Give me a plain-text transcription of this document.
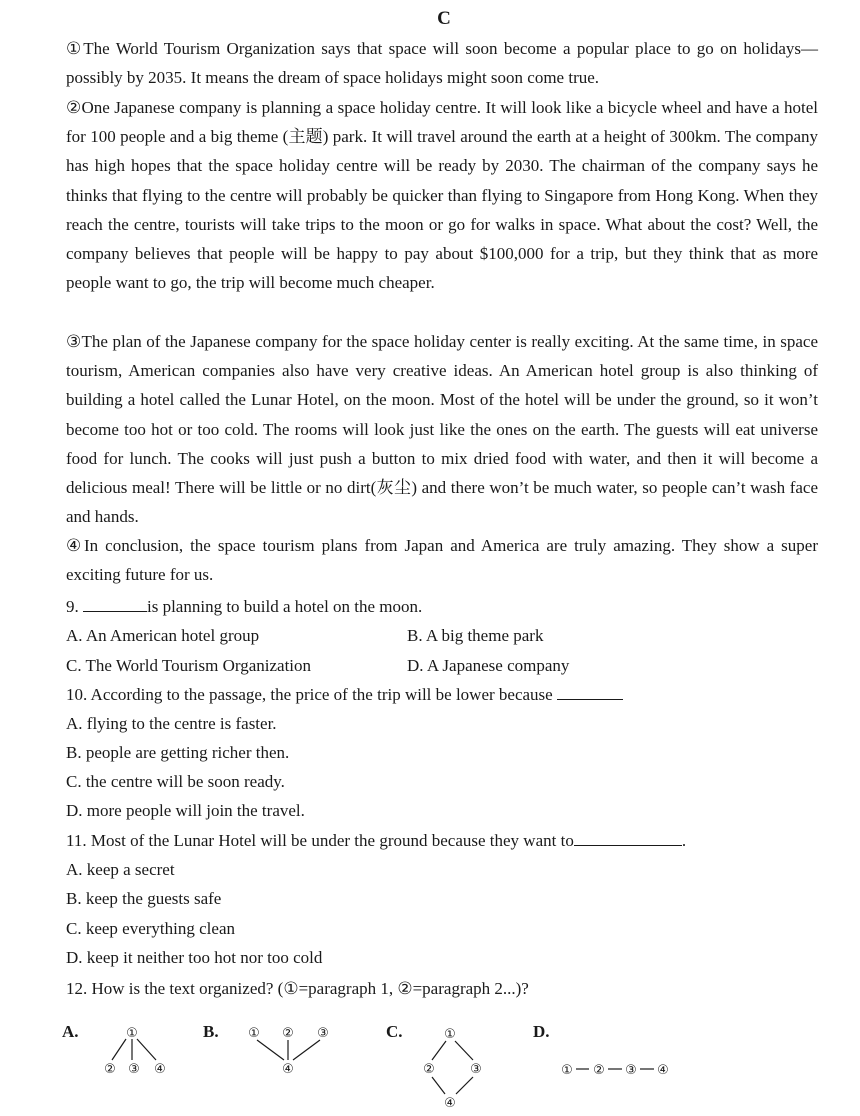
C

①The World Tourism Organization says that space will soon become a popular place to go on holidays—possibly by 2035. It means the dream of space holidays might soon come true.

②One Japanese company is planning a space holiday centre. It will look like a bicycle wheel and have a hotel for 100 people and a big theme (主题) park. It will travel around the earth at a height of 300km. The company has high hopes that the space holiday centre will be ready by 2030. The chairman of the company says he thinks that flying to the centre will probably be quicker than flying to Singapore from Hong Kong. When they reach the centre, tourists will take trips to the moon or go for walks in space. What about the cost? Well, the company believes that people will be happy to pay about $100,000 for a trip, but they think that as more people want to go, the trip will become much cheaper.

③The plan of the Japanese company for the space holiday center is really exciting. At the same time, in space tourism, American companies also have very creative ideas. An American hotel group is also thinking of building a hotel called the Lunar Hotel, on the moon. Most of the hotel will be under the ground, so it won’t become too hot or too cold. The rooms will look just like the ones on the earth. The guests will eat universe food for lunch. The cooks will just push a button to mix dried food with water, and then it will become a delicious meal! There will be little or no dirt(灰尘) and there won’t be much water, so people can’t wash face and hands.

④In conclusion, the space tourism plans from Japan and America are truly amazing. They show a super exciting future for us.

9.	is planning to build a hotel on the moon.
A. An American hotel group	B. A big theme park
C. The World Tourism Organization	D. A Japanese company
10. According to the passage, the price of the trip will be lower because
A. flying to the centre is faster.
B. people are getting richer then.
C. the centre will be soon ready.
D. more people will join the travel.
11. Most of the Lunar Hotel will be under the ground because they want to	.
A. keep a secret
B. keep the guests safe
C. keep everything clean
D. keep it neither too hot nor too cold
12. How is the text organized? (①=paragraph 1, ②=paragraph 2...)?
A.	B.	C.	D.
①
② ③ ④
① ② ③
④
①
②	③
④
① ② ③ ④
